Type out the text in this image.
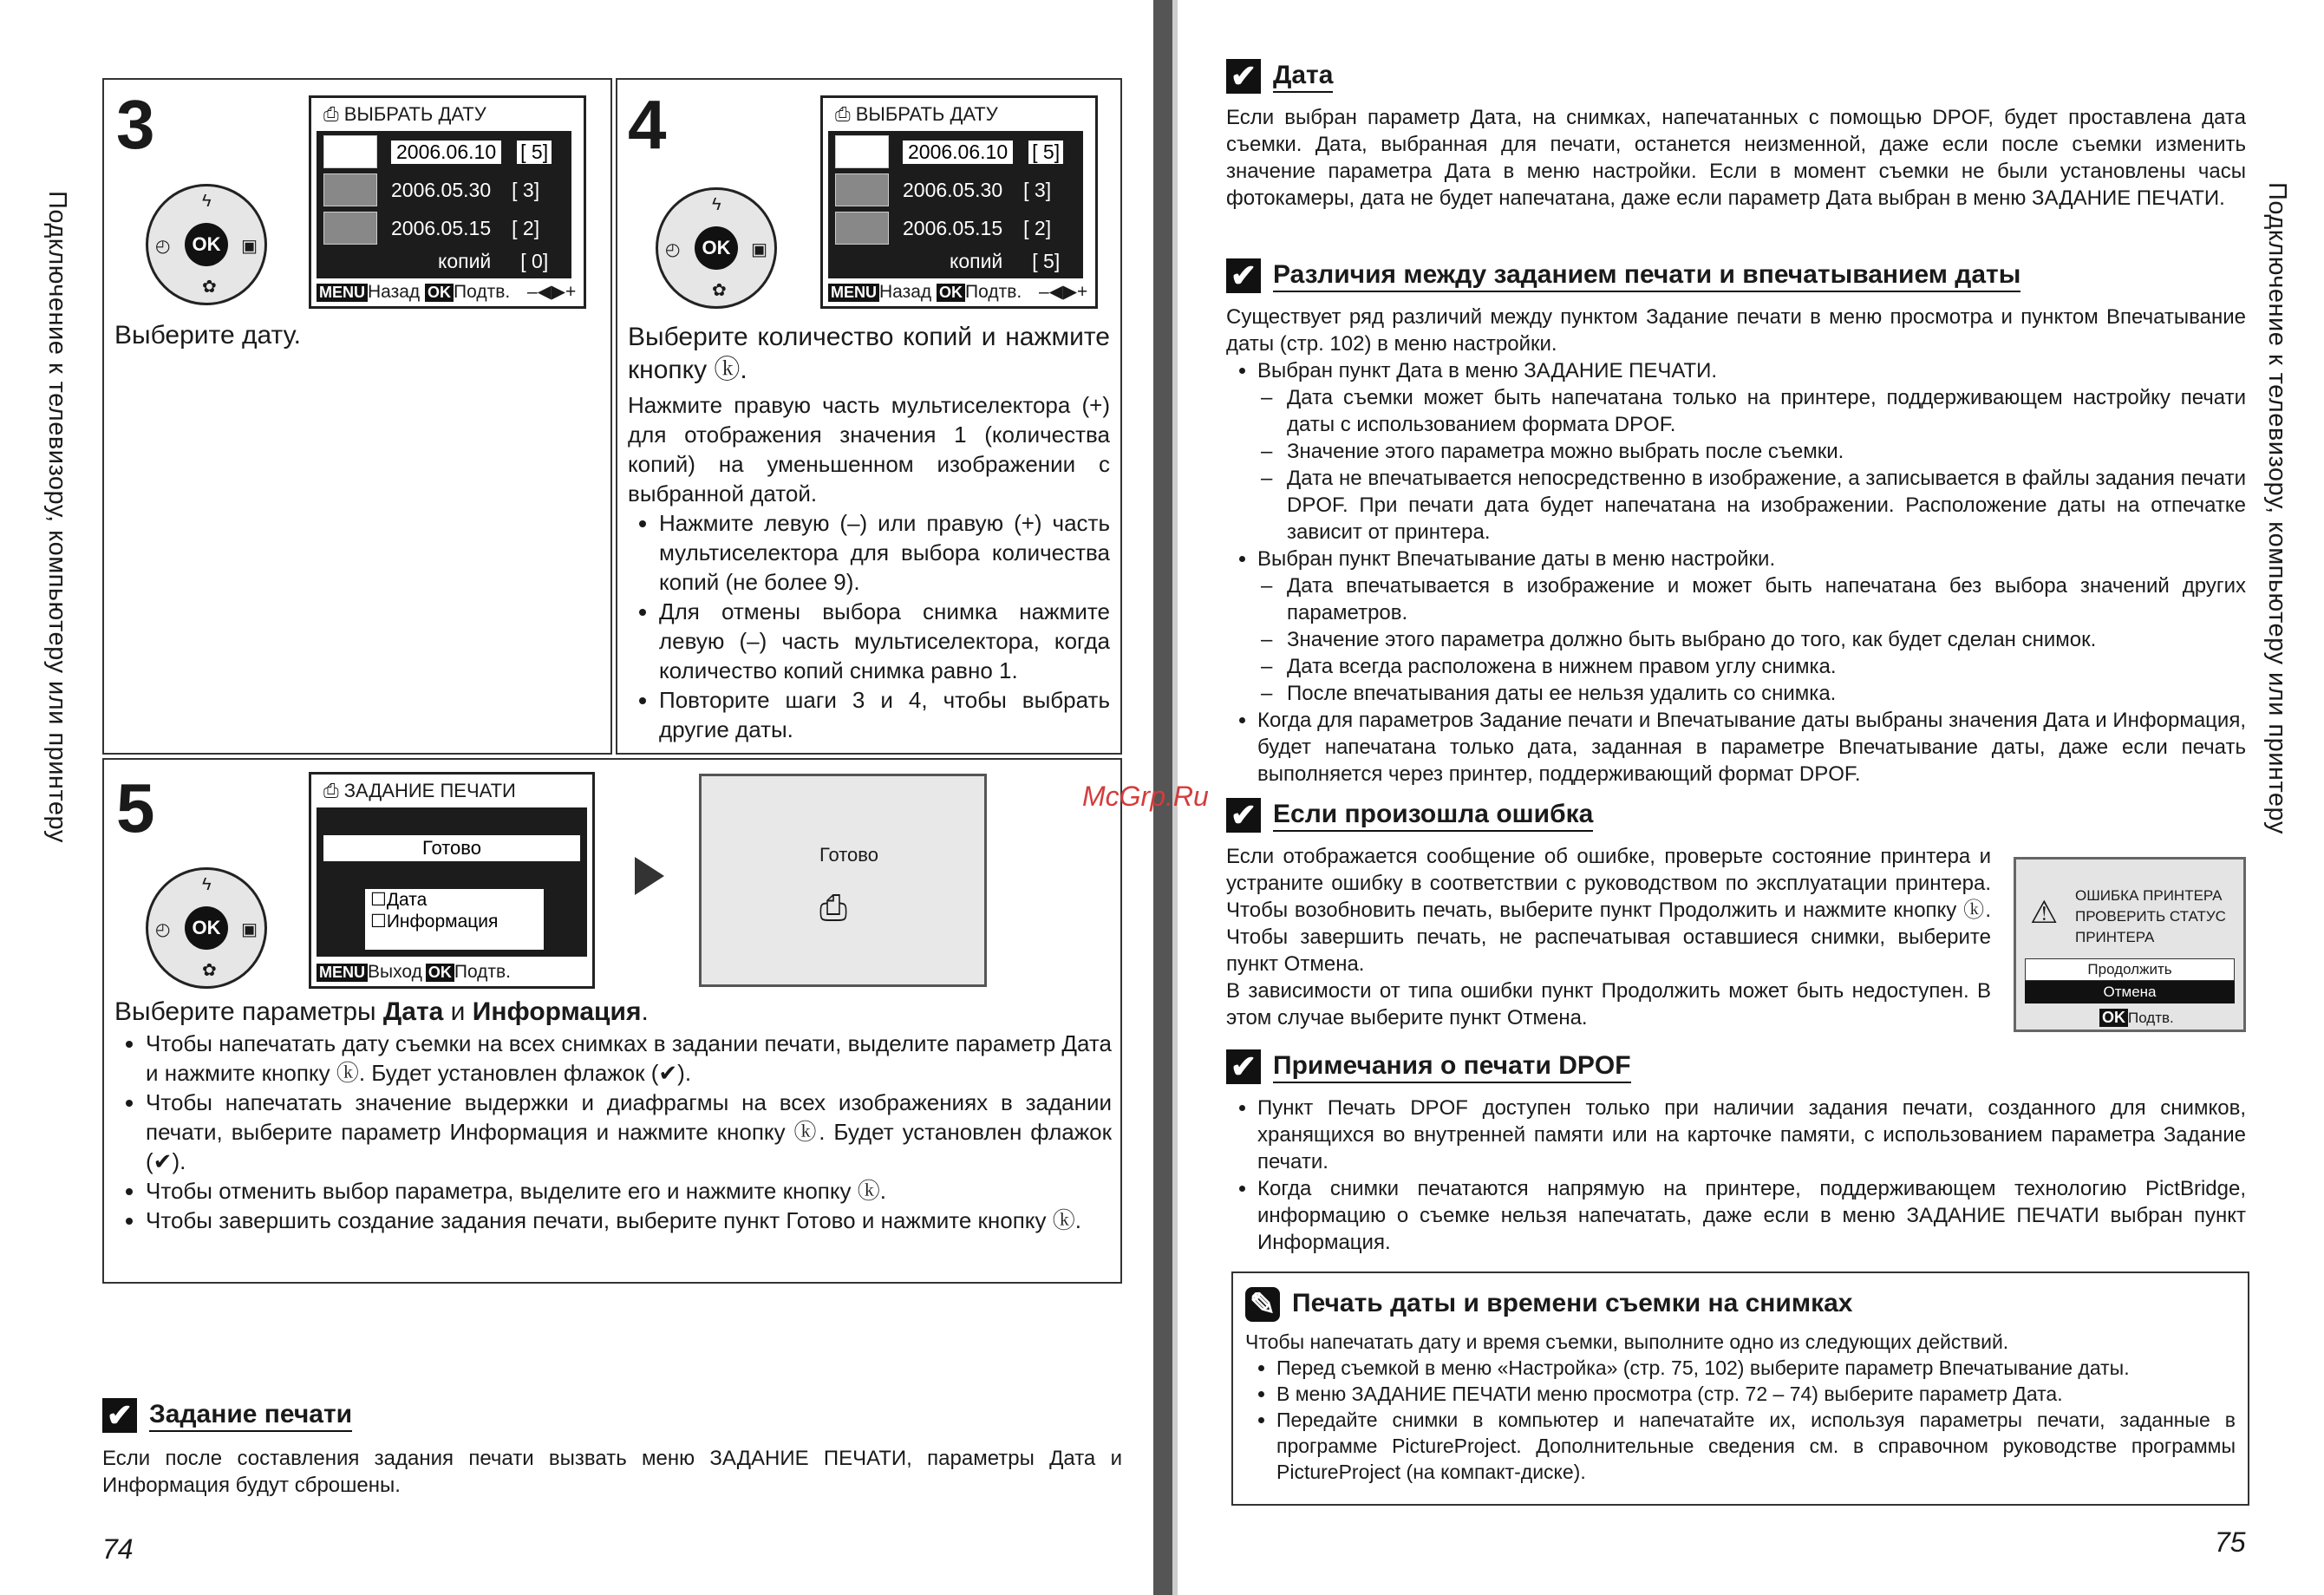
Подключение к телевизору, компьютеру или принтеру	Подключение к телевизору, компьютеру или принтеру
3
OK
ϟ
◴	▣
✿
⎙ ВЫБРАТЬ ДАТУ
2006.06.10 [ 5]
2006.05.30 [ 3]
2006.05.15 [ 2]
копий [ 0]
MENU Назад OK Подтв. –◀▶+
Выберите дату.
4
OK
ϟ
◴	▣
✿
⎙ ВЫБРАТЬ ДАТУ
2006.06.10 [ 5]
2006.05.30 [ 3]
2006.05.15 [ 2]
копий [ 5]
MENU Назад OK Подтв. –◀▶+
Выберите количество копий и нажмите кнопку ⓚ.
Нажмите правую часть мультиселектора (+) для отображения значения 1 (количества копий) на уменьшенном изображении с выбранной датой.
• Нажмите левую (–) или правую (+) часть мультиселектора для выбора количества копий (не более 9).
• Для отмены выбора снимка нажмите левую (–) часть мультиселектора, когда количество копий снимка равно 1.
• Повторите шаги 3 и 4, чтобы выбрать другие даты.
5
OK
ϟ
◴	▣
✿
⎙ ЗАДАНИЕ ПЕЧАТИ
Готово
☐Дата
☐Информация
MENU Выход OK Подтв.
Готово
⎙
Выберите параметры Дата и Информация.
• Чтобы напечатать дату съемки на всех снимках в задании печати, выделите параметр Дата и нажмите кнопку ⓚ. Будет установлен флажок (✔).
• Чтобы напечатать значение выдержки и диафрагмы на всех изображениях в задании печати, выберите параметр Информация и нажмите кнопку ⓚ. Будет установлен флажок (✔).
• Чтобы отменить выбор параметра, выделите его и нажмите кнопку ⓚ.
• Чтобы завершить создание задания печати, выберите пункт Готово и нажмите кнопку ⓚ.
✔ Задание печати
Если после составления задания печати вызвать меню ЗАДАНИЕ ПЕЧАТИ, параметры Дата и Информация будут сброшены.
74
✔ Дата
Если выбран параметр Дата, на снимках, напечатанных с помощью DPOF, будет проставлена дата съемки. Дата, выбранная для печати, останется неизменной, даже если после съемки изменить значение параметра Дата в меню настройки. Если в момент съемки не были установлены часы фотокамеры, дата не будет напечатана, даже если параметр Дата выбран в меню ЗАДАНИЕ ПЕЧАТИ.
✔ Различия между заданием печати и впечатыванием даты
Существует ряд различий между пунктом Задание печати в меню просмотра и пунктом Впечатывание даты (стр. 102) в меню настройки.
• Выбран пункт Дата в меню ЗАДАНИЕ ПЕЧАТИ.
– Дата съемки может быть напечатана только на принтере, поддерживающем настройку печати даты с использованием формата DPOF.
– Значение этого параметра можно выбрать после съемки.
– Дата не впечатывается непосредственно в изображение, а записывается в файлы задания печати DPOF. При печати дата будет напечатана на изображении. Расположение даты на отпечатке зависит от принтера.
• Выбран пункт Впечатывание даты в меню настройки.
– Дата впечатывается в изображение и может быть напечатана без выбора значений других параметров.
– Значение этого параметра должно быть выбрано до того, как будет сделан снимок.
– Дата всегда расположена в нижнем правом углу снимка.
– После впечатывания даты ее нельзя удалить со снимка.
• Когда для параметров Задание печати и Впечатывание даты выбраны значения Дата и Информация, будет напечатана только дата, заданная в параметре Впечатывание даты, даже если печать выполняется через принтер, поддерживающий формат DPOF.
McGrp.Ru
✔ Если произошла ошибка
Если отображается сообщение об ошибке, проверьте состояние принтера и устраните ошибку в соответствии с руководством по эксплуатации принтера. Чтобы возобновить печать, выберите пункт Продолжить и нажмите кнопку ⓚ. Чтобы завершить печать, не распечатывая оставшиеся снимки, выберите пункт Отмена.
В зависимости от типа ошибки пункт Продолжить может быть недоступен. В этом случае выберите пункт Отмена.
⚠ ОШИБКА ПРИНТЕРА
ПРОВЕРИТЬ СТАТУС
ПРИНТЕРА
Продолжить
Отмена
OK Подтв.
✔ Примечания о печати DPOF
• Пункт Печать DPOF доступен только при наличии задания печати, созданного для снимков, хранящихся во внутренней памяти или на карточке памяти, с использованием параметра Задание печати.
• Когда снимки печатаются напрямую на принтере, поддерживающем технологию PictBridge, информацию о съемке нельзя напечатать, даже если в меню ЗАДАНИЕ ПЕЧАТИ выбран пункт Информация.
✎ Печать даты и времени съемки на снимках
Чтобы напечатать дату и время съемки, выполните одно из следующих действий.
• Перед съемкой в меню «Настройка» (стр. 75, 102) выберите параметр Впечатывание даты.
• В меню ЗАДАНИЕ ПЕЧАТИ меню просмотра (стр. 72 – 74) выберите параметр Дата.
• Передайте снимки в компьютер и напечатайте их, используя параметры печати, заданные в программе PictureProject. Дополнительные сведения см. в справочном руководстве программы PictureProject (на компакт-диске).
75
